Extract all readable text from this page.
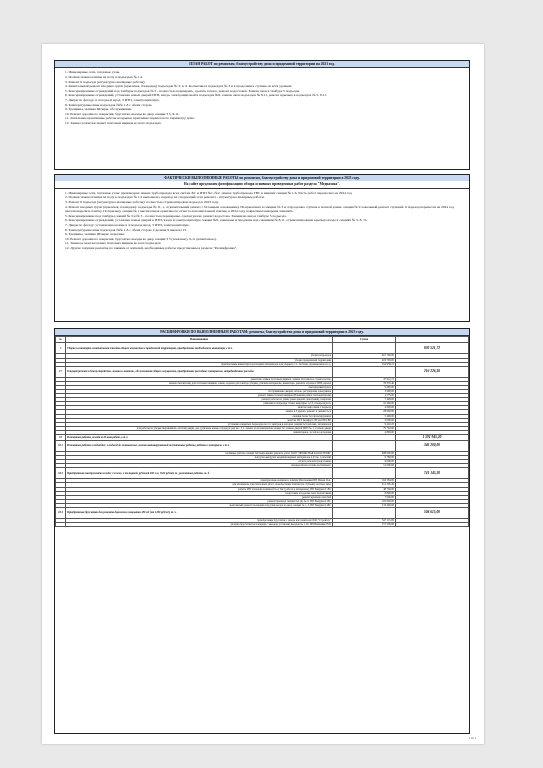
ПЛАН РАБОТ по ремонтам, благоустройству дома и придомовой территории на 2023 год.
1. Инженерные сети, тепловые узлы.
2. Полная замена плитки на полу в подъездах № 1,2.
3. Ремонт 6 подъезда (штукатурно-малярные работы).
4. Капитальный ремонт входных групп (крылечек, площадок) подъездов № 3, 4, 9. Косметика в подъездах № 3 и 4 продолжить ступень на всех уровнях.
5. Консервирование ограждений под тамбуры подъездов № 5 - полностью переварить, сделать теплое, ремонт водостоков. Замена окон в тамбуре 5 подъезда.
6. Консервирование ограждений, установка новых дверей ИТП, входа, электрощитовой в подъездах №9, замена окон подъездов № 8,11, ремонт крыльца в подъездах № 5, 8,11.
7. Двери по фасаду: в 4 подъезд ирод, 3 ИТП, электрощитовую.
8. Температурные швы подъездов №№ 1-8 с обеих сторон.
9. Трещины, заливка Штыры, обслуживание.
10. Ремонт дорожного покрытия, брусчатка, въезды во двор секции 3 5, 9-11.
11. Локальные креативные работы на крыше, крепление парапетов по периметру дома.
12. Замена и монтаж новых почтовых ящиков во всех подъездах.
ФАКТИЧЕСКИ ВЫПОЛНЕННЫЕ РАБОТЫ по ремонтам, благоустройству дома и придомовой территории в 2023 году.
На сайте предложим фотофиксацию обзора основных проведенных работ раздела "Медиазона".
1. Инженерные сети, тепловые узлы: произведена замена трубопровода всех систем ХС и ИТП №1, №2, замена трубопровода ГВС в нижних секции № 1-6. Часть работ перенесена на 2024 год.
2. Полная замена плитки на полу в подъездах № 1,2 выполнено, переход на следующий этап ремонта - штукатурно-малярные работы.
3. Ремонт 6 подъезда (штукатурно-малярные работы): полностью отремонтирован подъезд в 2023 году.
4. Ремонт входных групп (крылечек, площадок): подъезды № 11, 1, 4 (капитальный ремонт с бетонным основанием). На крылечках в секциях № 3 и 4 проделана ступень в полной длине, секции № 9 локальный ремонт ступеней. 6 подъезд перенесли на 2024 год, писали выделить плитку. По крыльцу секции № 1 выстилочная орнатика по отчисто-положительной плитки, в 2024 году покрытием намерены заменить.
5. Консервирование под тамбуры секций № 3 и № 5 - полностью переварены, сделан уклон, ремонт водостока. Заменили окна в тамбуре 5 подъезда.
6. Консервирование ограждений, установка новых дверей в ИТП, входа и электрощитовую секции №9, заменены и продлены над секциями № 8,11, отремонтированы крыльца входа в секциях № 5, 8, 11.
7. Двери по фасаду: установлены новые в 4 подъезд ирод, 3 ИТП, электрощитовую.
8. Температурные швы подъездов №№ 1-8 с обеих сторон. Сделаны 9 швов из 15.
9. Трещины, заливка Штыры: заделаны.
10. Ремонт дорожного покрытия, брусчатка, въезды во двор секции 3 5 (локально), 9-11 (капитально).
11. Замена и монтаж новых почтовых ящиков во всех подъездах.
12. Другие текущие ремонты по заявкам от жителей, необходимые работы представлены в разделе "Расшифровка".
РАСШИФРОВКИ ПО ВЫПОЛНЕННЫМ РАБОТАМ: ремонты, благоустройство дома и придомовой территории в 2023 году.
№	Наименование	Сумма	
7	Уборка и санитарно-гигиеническая очистка общего имущества в придомовой территории, приобретение необходимого инвентаря, в т.ч.		830 521,72
	уборка подъездов	461 790,00	
	уборка придомовой территории	203 793,00	
	приобретение инвентаря и расходных материалов для уборки в т.ч. лестниц, промывочная и т.д.	164 938,72	
17	Текущий ремонт и благоустройство, замена и монтаж, обслуживание общего имущества, приобретение расходных материалов, непредвиденные расходы		216 226,36
	демонтаж замков почтовых ящиков, замена почтовых и строительство	47 612,72	
	замена смесителей, доп почтовых ящиков, замок, заделка для электро-уборки, уличная материалы, инвентарь, ремонта ограды в ИТП, краска	78 335,40	
	светофорный купол	9 285,00	
	обслуживание дверей, петель, регулировка доводчиков	3 990,00	
	ремонт ливнесточных шифров (Ильиных район теплоцентрали)	1 575,00	
	ремонт работы по улице (окна дверей, доводчики), покраски	7 428,00	
	гайковки в подъезды этажи, квартиры 1,2,3, 4 подъездах №	10 400,00	
	монтаж окна связи 1 подъезд	4 600,00	
	замена в 3 дверях, ремонт в секции № 9	28 900,00	
	окошки более без фольгирующих	5 400,00	
	монтаж ИСТ Конфорт ЭБ ули ПЕСЕЕ	3 000,00	
	установка закрытых подъездов по гос центров в которых секции №9 рабочих, материалов	9 410,25	
	для работы по уборке выравнивать лестниц двери, дез, (уличные новые ограды) в ряд кас. 3.1. замена на возмещанские новых 52, замена дверей ИТП № 1, 2 замок двери	79 702,00	
	инвентарное, за тепло расходная	4 899,00	
18	Ремонтные работы, исходя из Плана работ, в т.ч.		1 591 945,20
18.1	Ремонтные работы в подъездах: в подъезд до монтажных, замена антинарушенной посчитанные работы, работы в материале, в т.ч.		346 200,00
	наливные работы секции №6 выполнение ремонта работ ООО "ПРОФСНАБ КАТАСТРОФ"	288 000,00	
	погрузка-выгрузка кондиционерных материалов 4.23 по 1 рабочий	9 780,00	
	оплата рабочих (подготовка)	9 000,00	
	автокрасители столик лестничного	51 000,00	
18.2	Приобретение инструмента исходя: 4 и исхо, в толщиной, рублевой 200 м к, 1642 рублей, т., ремонтные работы, т. д.		741 145,20
	приобретение наливного плитки Монтажный ИП Ильин Я.А.	164 584,00	
	для материалы для плиточных работ, приобретение плитки (на ступени) частные лица	212 295,20	
	работы ИП тепловой наливной № и Тис (работа и материалы), ИП Бакурин С.Ю.	48 700,00	
	подготовка в подложе тепл подготовкой	8 800,00	
	ремонт крыльца секц №9	7 000,00	
	ремонт крыльца секции №4 (4) №11, ИП Бакурин С.Ю.	165 000,00	
	монтажный ремонт площадки погрузки въезда во двор секции № 1, 3, ИП Бакурин С.Ю.	133 400,00	
18.3	Приобретение брусчатки для ремонта дорожного покрытия 450 м2 (от 1200 руб/м2), т. ч.		504 615,00
	приобретение брусчатки с завода изготовителя ООО "Стройтех"	347 115,00	
	укладка брусчатки на площади с заводом, установка въездов № 1,10, ИП Ивашенко Н.Р.	157 500,00	
1 из 1
